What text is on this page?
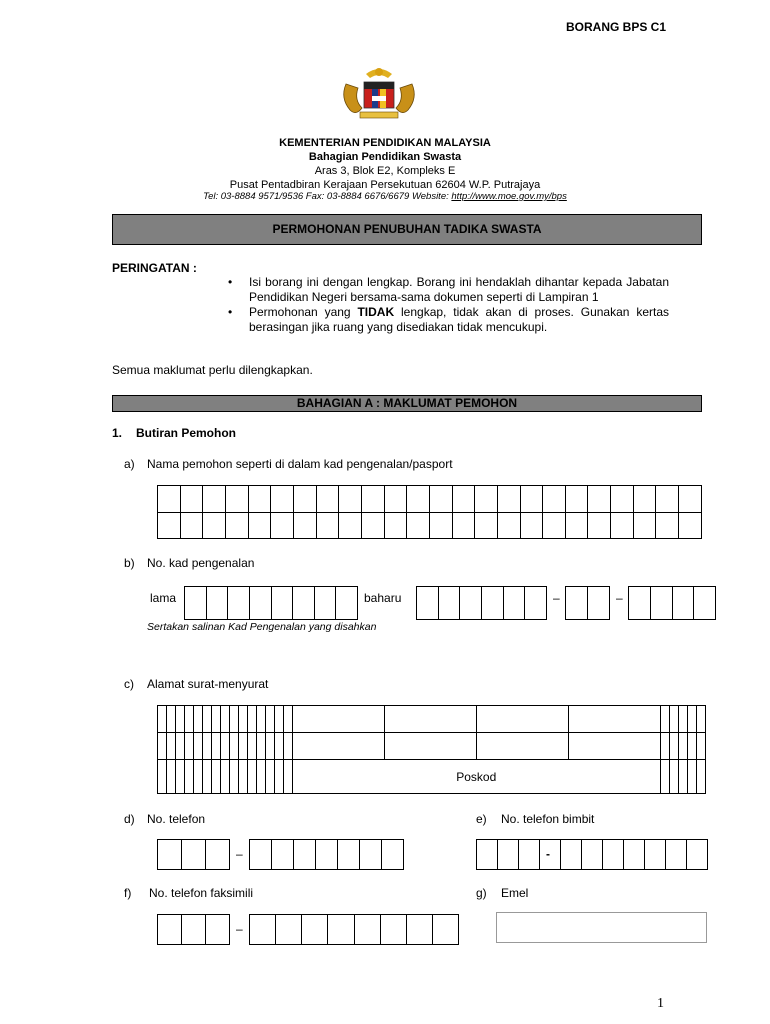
BORANG BPS C1
KEMENTERIAN PENDIDIKAN MALAYSIA
Bahagian Pendidikan Swasta
Aras 3, Blok E2, Kompleks E
Pusat Pentadbiran Kerajaan Persekutuan 62604 W.P. Putrajaya
Tel: 03-8884 9571/9536 Fax: 03-8884 6676/6679 Website: http://www.moe.gov.my/bps
PERMOHONAN PENUBUHAN TADIKA SWASTA
PERINGATAN :
• Isi borang ini dengan lengkap. Borang ini hendaklah dihantar kepada Jabatan Pendidikan Negeri bersama-sama dokumen seperti di Lampiran 1
• Permohonan yang TIDAK lengkap, tidak akan di proses. Gunakan kertas berasingan jika ruang yang disediakan tidak mencukupi.
Semua maklumat perlu dilengkapkan.
BAHAGIAN A : MAKLUMAT PEMOHON
1. Butiran Pemohon
a) Nama pemohon seperti di dalam kad pengenalan/pasport

b) No. kad pengenalan
lama	baharu	–	–
Sertakan salinan Kad Pengenalan yang disahkan
c) Alamat surat-menyurat

															Poskod								
d) No. telefon
–
e) No. telefon bimbit
-
f) No. telefon faksimili
–
g) Emel
1
